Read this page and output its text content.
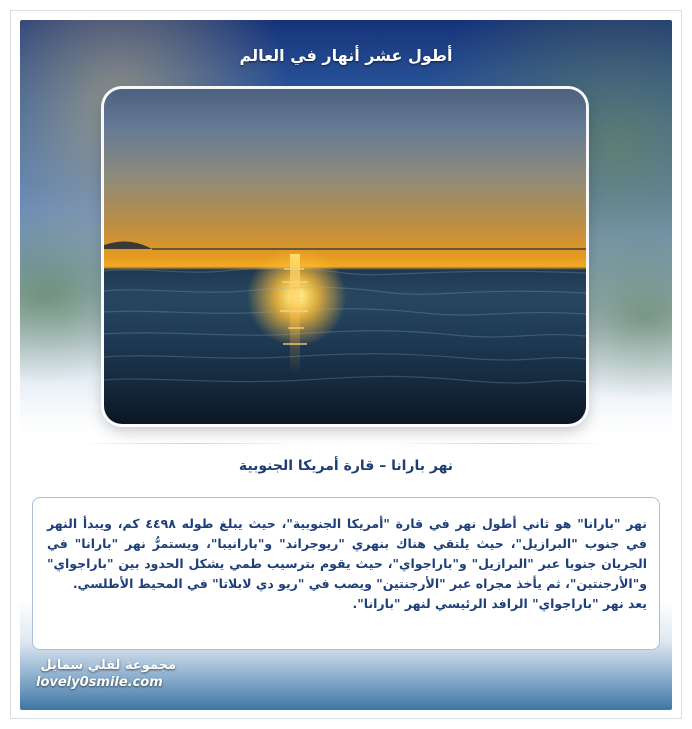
أطول عشر أنهار في العالم
نهر بارانا – قارة أمريكا الجنوبية

نهر "بارانا" هو ثاني أطول نهر في قارة "أمريكا الجنوبية"، حيث يبلغ طوله ٤٤٩٨ كم، ويبدأ النهر في جنوب "البرازيل"، حيث يلتقي هناك بنهري "ريوجراند" و"بارانيبا"، ويستمرُّ نهر "بارانا" في الجريان جنوبا عبر "البرازيل" و"باراجواي"، حيث يقوم بترسيب طمي يشكل الحدود بين "باراجواي" و"الأرجنتين"، ثم يأخذ مجراه عبر "الأرجنتين" ويصب في "ريو دي لابلاتا" في المحيط الأطلسي.

يعد نهر "باراجواي" الرافد الرئيسي لنهر "بارانا".

مجموعة لفلي سمايل
lovely0smile.com
